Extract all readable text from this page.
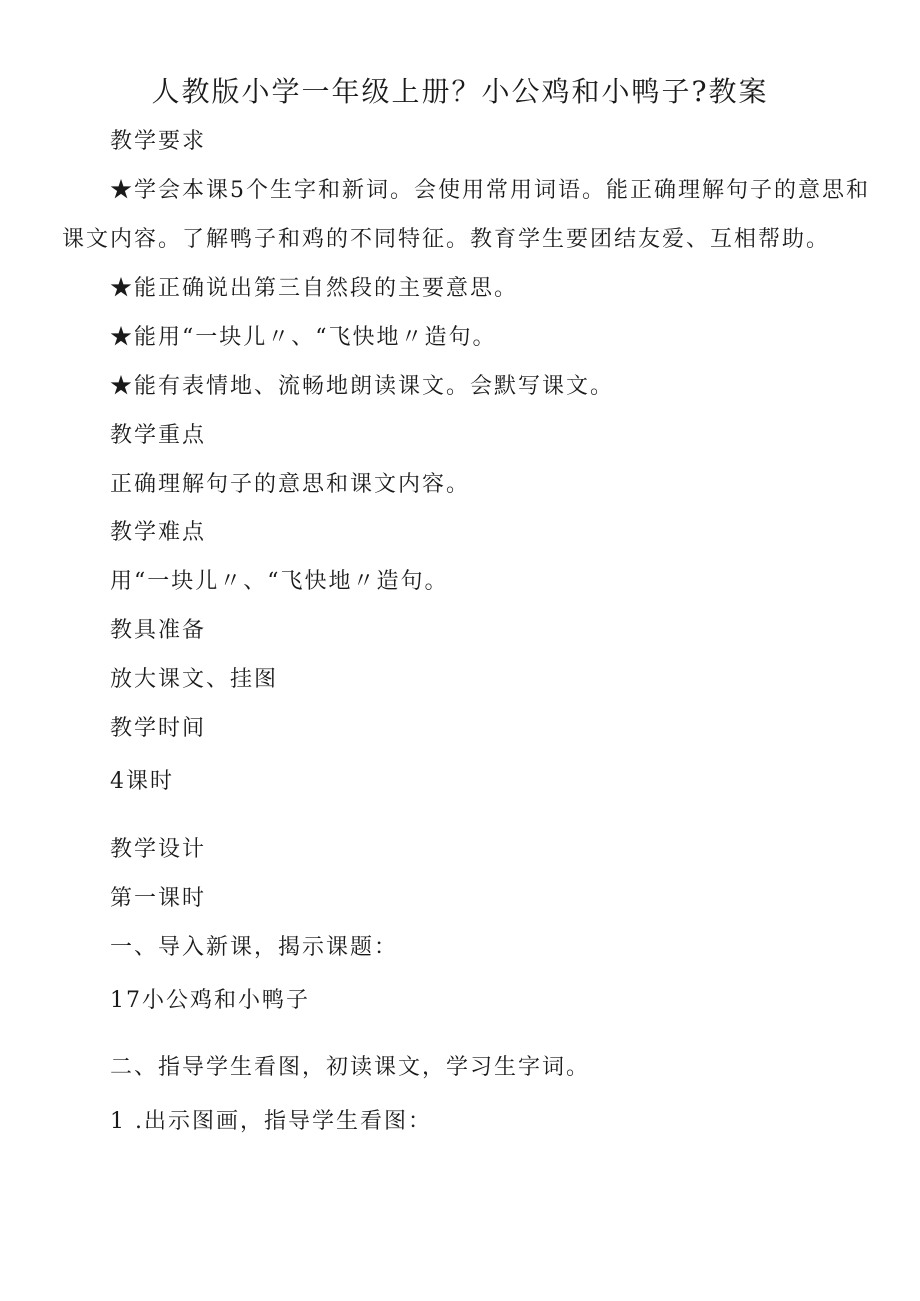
人教版小学一年级上册？小公鸡和小鸭子?教案
教学要求
★学会本课5个生字和新词。会使用常用词语。能正确理解句子的意思和
课文内容。了解鸭子和鸡的不同特征。教育学生要团结友爱、互相帮助。
★能正确说出第三自然段的主要意思。
★能用“一块儿〃、“飞快地〃造句。
★能有表情地、流畅地朗读课文。会默写课文。
教学重点
正确理解句子的意思和课文内容。
教学难点
用“一块儿〃、“飞快地〃造句。
教具准备
放大课文、挂图
教学时间
4课时
教学设计
第一课时
一、导入新课，揭示课题：
17小公鸡和小鸭子
二、指导学生看图，初读课文，学习生字词。
1 .出示图画，指导学生看图：
